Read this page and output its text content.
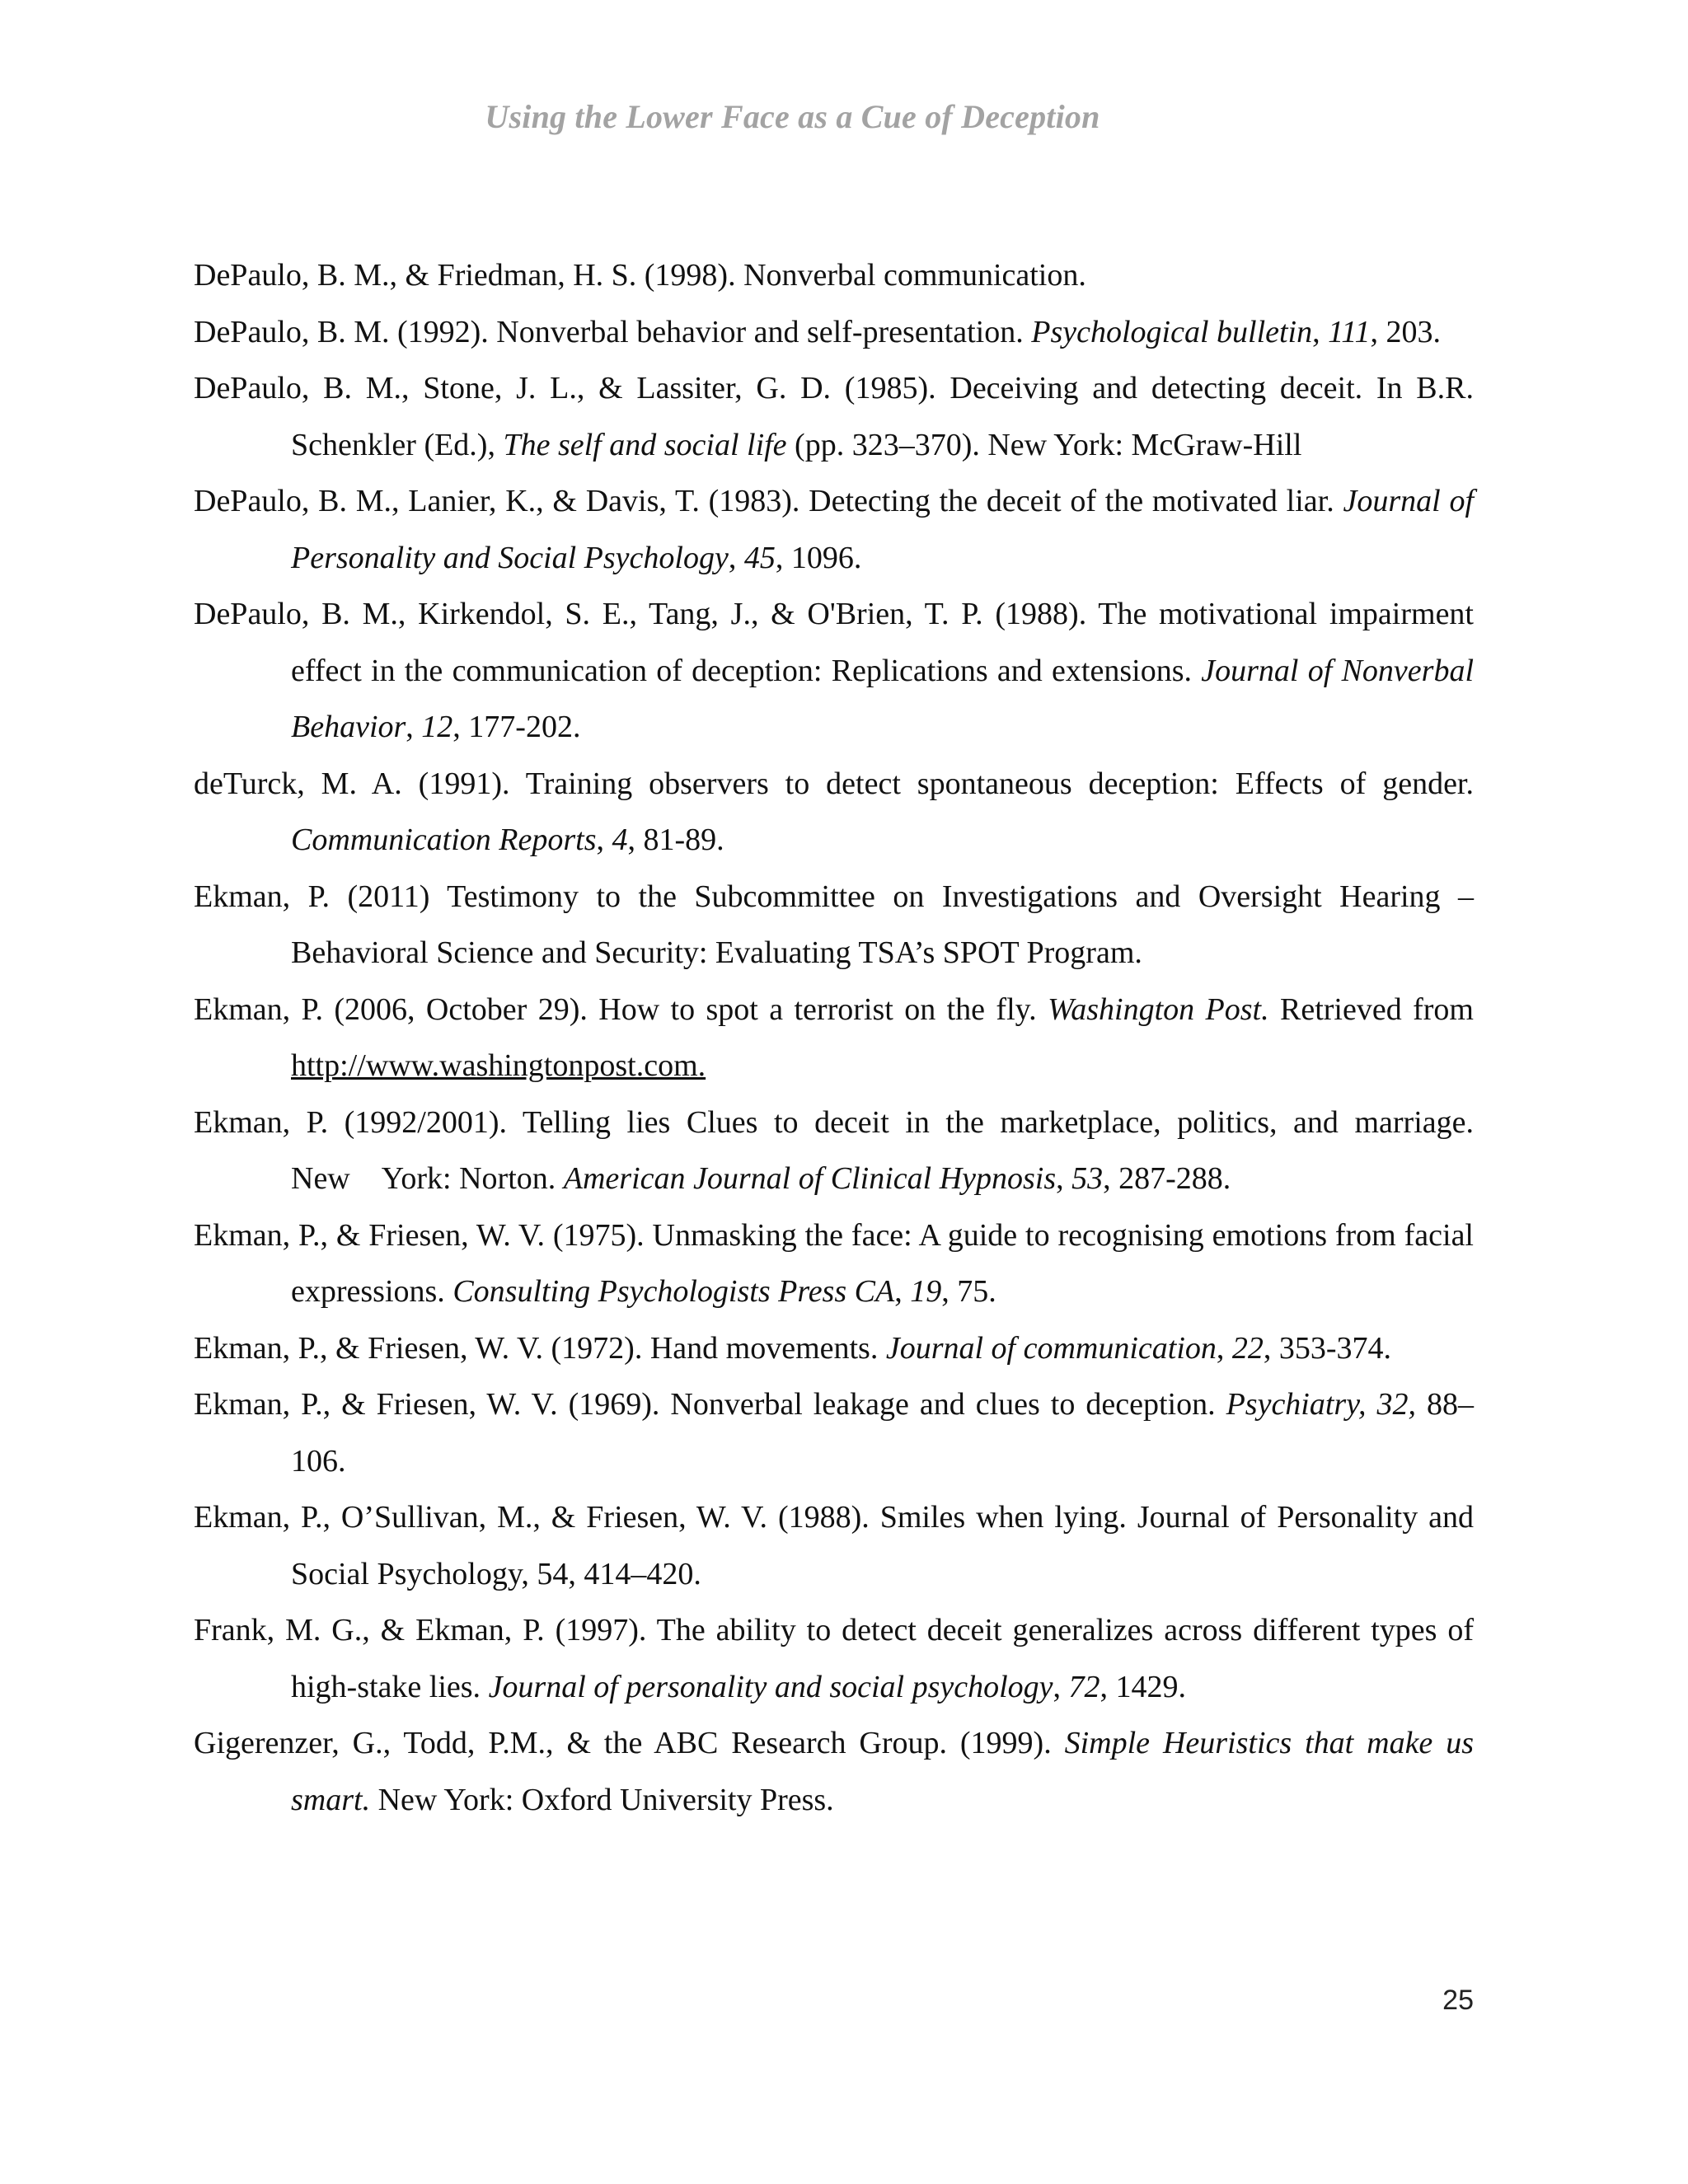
Using the Lower Face as a Cue of Deception

DePaulo, B. M., & Friedman, H. S. (1998). Nonverbal communication.

DePaulo, B. M. (1992). Nonverbal behavior and self-presentation. Psychological bulletin, 111, 203.

DePaulo, B. M., Stone, J. L., & Lassiter, G. D. (1985). Deceiving and detecting deceit. In B.R. Schenkler (Ed.), The self and social life (pp. 323–370). New York: McGraw-Hill

DePaulo, B. M., Lanier, K., & Davis, T. (1983). Detecting the deceit of the motivated liar. Journal of Personality and Social Psychology, 45, 1096.

DePaulo, B. M., Kirkendol, S. E., Tang, J., & O'Brien, T. P. (1988). The motivational impairment effect in the communication of deception: Replications and extensions. Journal of Nonverbal Behavior, 12, 177-202.

deTurck, M. A. (1991). Training observers to detect spontaneous deception: Effects of gender. Communication Reports, 4, 81-89.

Ekman, P. (2011) Testimony to the Subcommittee on Investigations and Oversight Hearing – Behavioral Science and Security: Evaluating TSA’s SPOT Program.

Ekman, P. (2006, October 29). How to spot a terrorist on the fly. Washington Post. Retrieved from http://www.washingtonpost.com.

Ekman, P. (1992/2001). Telling lies Clues to deceit in the marketplace, politics, and marriage. New    York: Norton. American Journal of Clinical Hypnosis, 53, 287-288.

Ekman, P., & Friesen, W. V. (1975). Unmasking the face: A guide to recognising emotions from facial expressions. Consulting Psychologists Press CA, 19, 75.

Ekman, P., & Friesen, W. V. (1972). Hand movements. Journal of communication, 22, 353-374.

Ekman, P., & Friesen, W. V. (1969). Nonverbal leakage and clues to deception. Psychiatry, 32, 88–106.

Ekman, P., O’Sullivan, M., & Friesen, W. V. (1988). Smiles when lying. Journal of Personality and Social Psychology, 54, 414–420.

Frank, M. G., & Ekman, P. (1997). The ability to detect deceit generalizes across different types of high-stake lies. Journal of personality and social psychology, 72, 1429.

Gigerenzer, G., Todd, P.M., & the ABC Research Group. (1999). Simple Heuristics that make us smart. New York: Oxford University Press.

25
